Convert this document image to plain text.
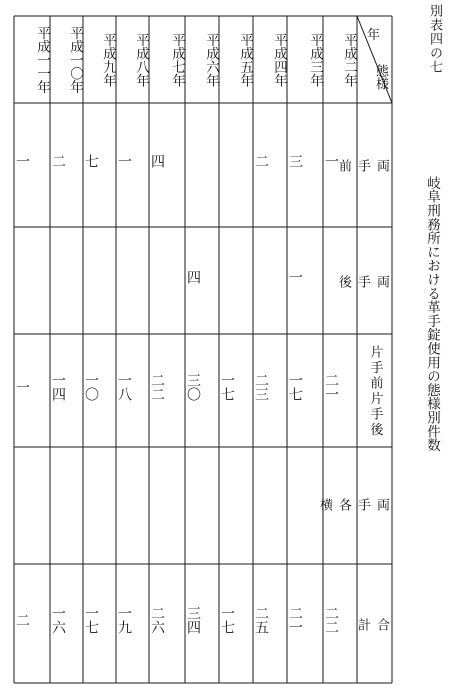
別表四の七
岐阜刑務所における革手錠使用の態様別件数
年
態様
両
手
前
両
手
後
片手前片手後
両
手
各
横
合
計
平成二年
平成三年
平成四年
平成五年
平成六年
平成七年
平成八年
平成九年
平成一〇年
平成一一年
一
二一
二二
三
一
一七
二一
二
二三
二五
一七
一七
四
三〇
三四
四
二二
二六
一
一八
一九
七
一〇
一七
二
一四
一六
一
一
二
